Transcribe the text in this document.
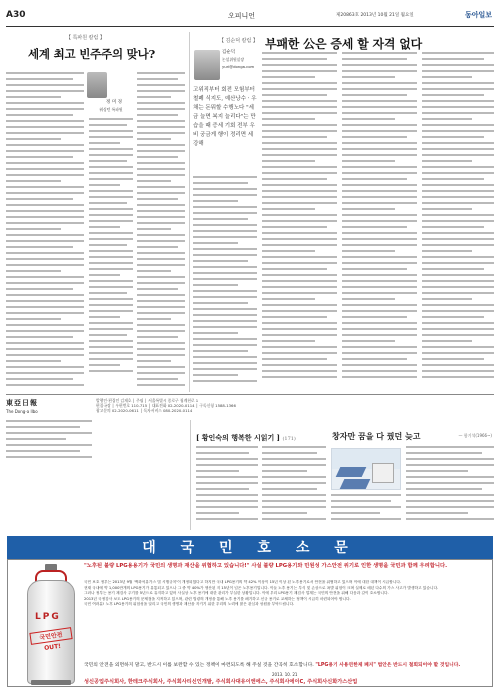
A30	오피니언	제20863호 2013년 10월 21일 월요일	동아일보
【 특파원 칼럼 】
세계 최고 빈주주의 맞나?
정 미 경
워싱턴 특파원
【 김순덕 칼럼 】 부패한 公은 증세 할 자격 없다
김순덕
논설위원실장
yuri@donga.com
고위직부터 회전 모험부터 철폐 식지도, 예산낭수 · 우채는 돈뭐할 수행노다 "세금 늘면 복지 늘리다"는 만 습을 때 증세 기회 전부 우비 궁금게 행이 정리면 세 강해
東亞日報
The Dong-a Ilbo
발행인·편집인 김재호 │ 주필 │ 서울특별시 종로구 청계천로 1
편집국장 │ 우편번호 110-715 │ 대표전화 02-2020-0114 │ 구독신청 1588-1366
광고문의 02-2020-0611 │ 독자서비스 080-2020-0114
[ 황인숙의 행복한 시읽기 ] (171)	창자만 꿈을 다 꿨던 늦고	— 함기석(1966~)
대 국 민 호 소 문
LPG
국민안전 OUT!
"노후된 불량 LPG용용기가 국민의 생명과 재산을 위협하고 있습니다!" 사실 불량 LPG용기와 민원성 가스안전 위기로 인한 생명을 국민과 함께 우려합니다.

국민 보호 정부는 2013년 9월 '액화석유가스 법 시행규칙'이 개정되었다고 하지만 국내 LPG용기의 약 42% 이상이 15년 이상 된 노후용기로서 안전을 위협하고 있으며 이에 대한 대책이 시급합니다.

현재 국내에 약 1,000만개의 LPG용기가 유통되고 있으나 그 중 약 40%가 생산된 지 15년이 넘은 노후용기입니다. 이들 노후 용기는 부식 및 손상으로 폭발 위험이 크며 실제로 매년 다수의 가스 사고가 발생하고 있습니다.

그러나 정부는 용기 재검사 주기를 5년으로 유지하고 있어 사실상 노후 용기에 대한 관리가 부실한 상황입니다. 이에 우리 LPG용기 재검사 업계는 국민의 안전을 위해 다음과 같이 호소합니다.

2013년 국정감사 보도 LPG용기의 문제점을 지적하고 있으며, 관련 법령의 개정을 통해 노후 용기를 폐기하고 신규 용기로 교체하는 정책이 시급히 마련되어야 합니다.

국민 여러분! 노후 LPG용기의 위험성을 알리고 국민의 생명과 재산을 지키기 위한 우리의 노력에 많은 관심과 성원을 부탁드립니다.

국민의 안전을 외면하지 말고, 반드시 이를 보완할 수 있는 정책이 마련되도록 해 주실 것을 간곡히 호소합니다. "LPG용기 사용연한제 폐지" 법안은 반드시 철회되어야 할 것입니다.
2013. 10. 21
성신공업주식회사, 한테크주식회사, 주식회사티신인개발, 주식회사대유이엔에스, 주식회사에이C, 주식회사신화가스산업
